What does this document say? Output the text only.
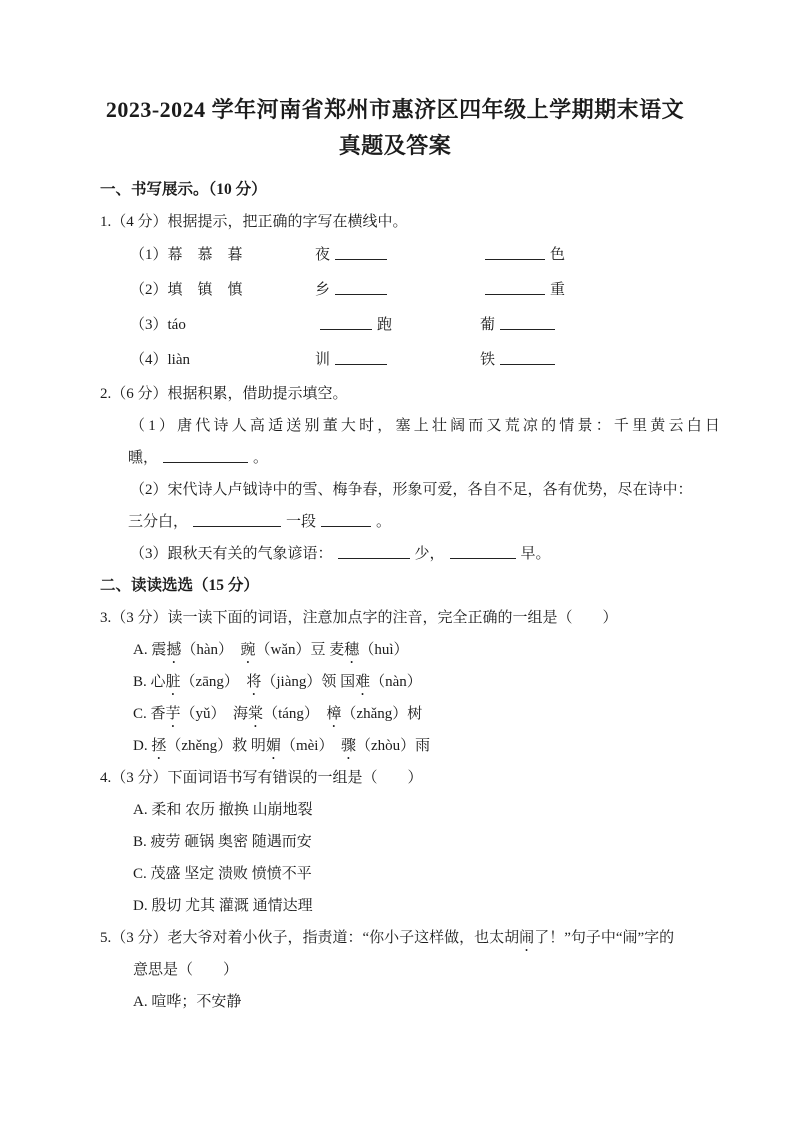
2023-2024 学年河南省郑州市惠济区四年级上学期期末语文
真题及答案
一、书写展示。（10 分）
1.（4 分）根据提示，把正确的字写在横线中。
（1）幕　慕　暮	夜	色
（2）填　镇　慎	乡	重
（3）táo	跑	葡
（4）liàn	训	铁
2.（6 分）根据积累，借助提示填空。
（1）唐代诗人高适送别董大时，塞上壮阔而又荒凉的情景：千里黄云白日
曛，	。
（2）宋代诗人卢钺诗中的雪、梅争春，形象可爱，各自不足，各有优势，尽在诗中：
三分白，	一段	。
（3）跟秋天有关的气象谚语：	少，	早。
二、读读选选（15 分）
3.（3 分）读一读下面的词语，注意加点字的注音，完全正确的一组是（　　）
A. 震撼（hàn）　豌（wǎn）豆 麦穗（huì）
B. 心脏（zāng）　将（jiàng）领 国难（nàn）
C. 香芋（yǔ）　海棠（táng）　樟（zhǎng）树
D. 拯（zhěng）救 明媚（mèi）　骤（zhòu）雨
4.（3 分）下面词语书写有错误的一组是（　　）
A. 柔和 农历 撤换 山崩地裂
B. 疲劳 砸锅 奥密 随遇而安
C. 茂盛 坚定 溃败 愤愤不平
D. 殷切 尤其 灌溉 通情达理
5.（3 分）老大爷对着小伙子，指责道：“你小子这样做，也太胡闹了！”句子中“闹”字的
意思是（　　）
A. 喧哗；不安静
